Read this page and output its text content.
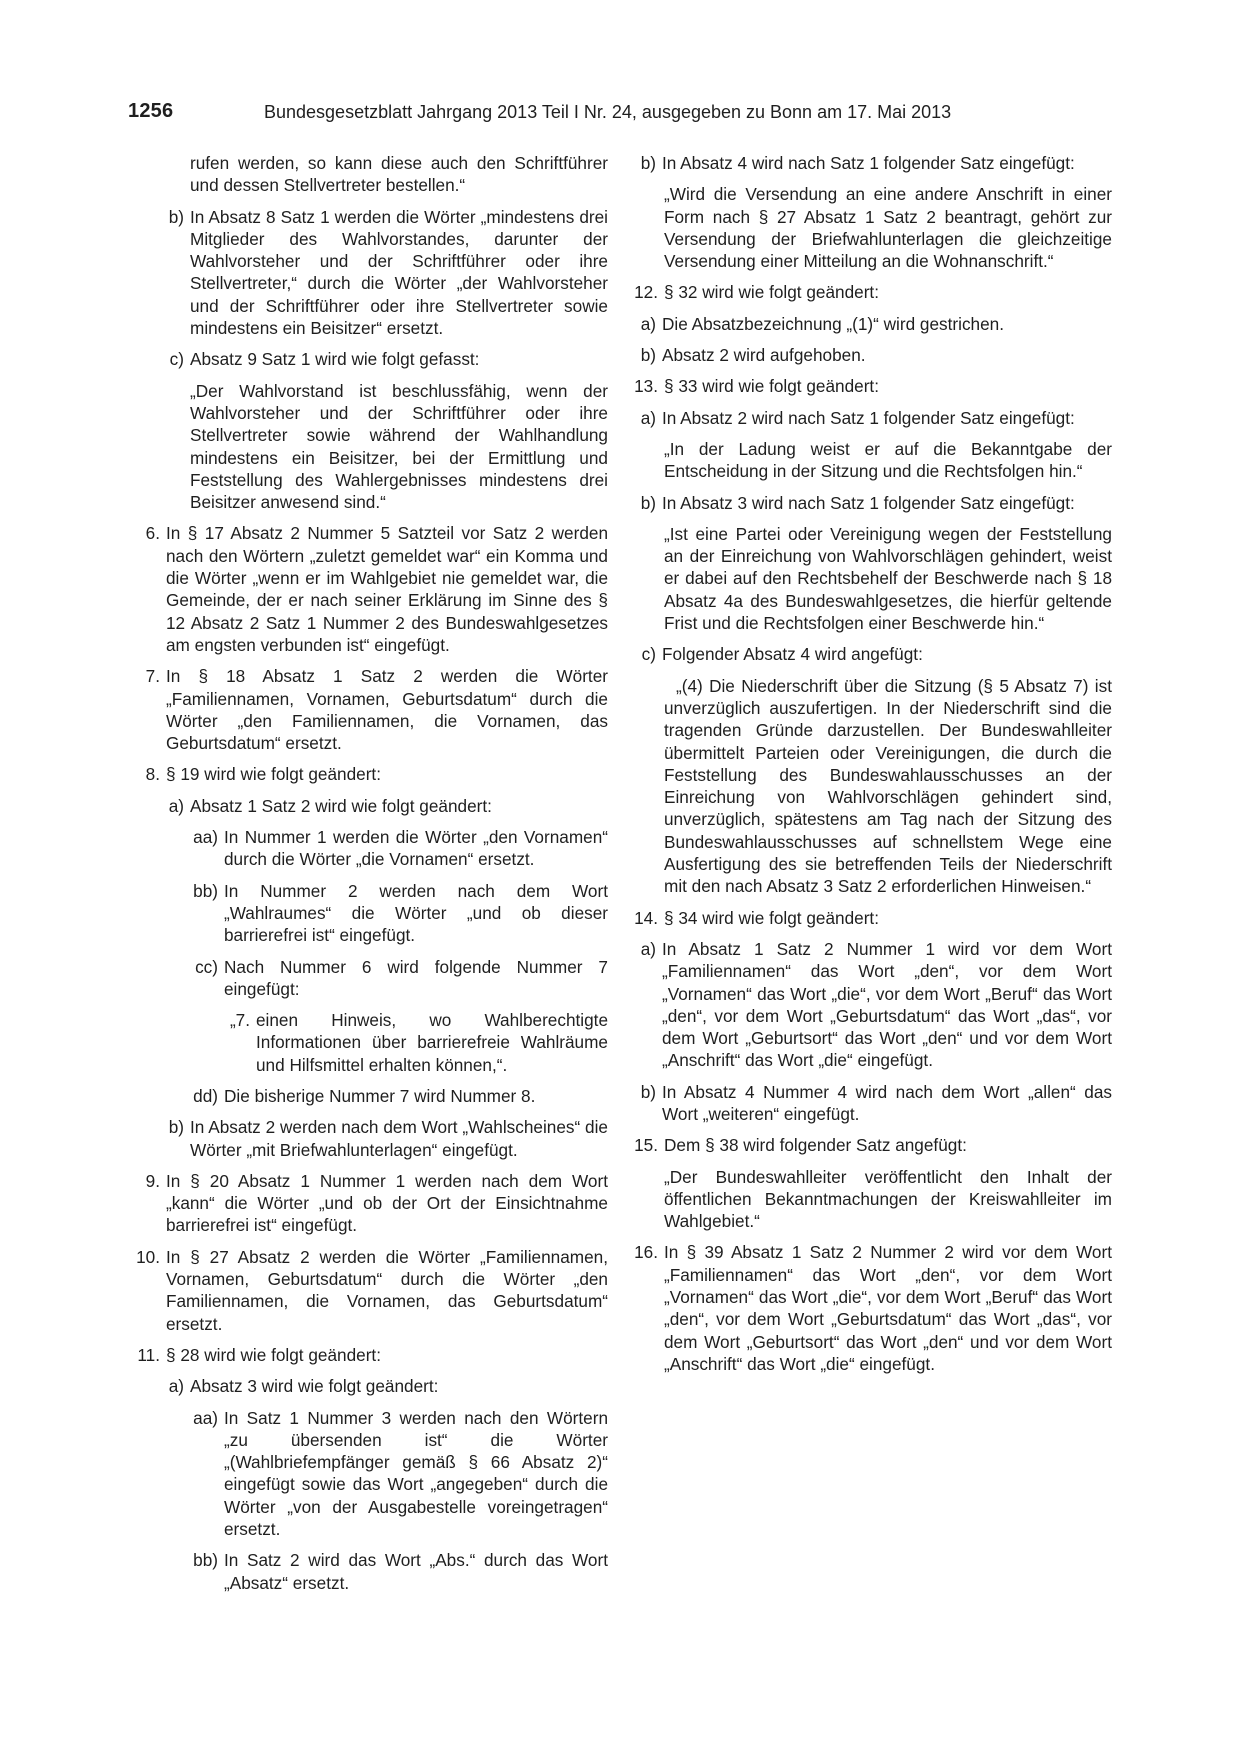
1256	Bundesgesetzblatt Jahrgang 2013 Teil I Nr. 24, ausgegeben zu Bonn am 17. Mai 2013

rufen werden, so kann diese auch den Schriftführer und dessen Stellvertreter bestellen.“

b) In Absatz 8 Satz 1 werden die Wörter „mindestens drei Mitglieder des Wahlvorstandes, darunter der Wahlvorsteher und der Schriftführer oder ihre Stellvertreter,“ durch die Wörter „der Wahlvorsteher und der Schriftführer oder ihre Stellvertreter sowie mindestens ein Beisitzer“ ersetzt.
c) Absatz 9 Satz 1 wird wie folgt gefasst:

„Der Wahlvorstand ist beschlussfähig, wenn der Wahlvorsteher und der Schriftführer oder ihre Stellvertreter sowie während der Wahlhandlung mindestens ein Beisitzer, bei der Ermittlung und Feststellung des Wahlergebnisses mindestens drei Beisitzer anwesend sind.“

6. In § 17 Absatz 2 Nummer 5 Satzteil vor Satz 2 werden nach den Wörtern „zuletzt gemeldet war“ ein Komma und die Wörter „wenn er im Wahlgebiet nie gemeldet war, die Gemeinde, der er nach seiner Erklärung im Sinne des § 12 Absatz 2 Satz 1 Nummer 2 des Bundeswahlgesetzes am engsten verbunden ist“ eingefügt.
7. In § 18 Absatz 1 Satz 2 werden die Wörter „Familiennamen, Vornamen, Geburtsdatum“ durch die Wörter „den Familiennamen, die Vornamen, das Geburtsdatum“ ersetzt.
8. § 19 wird wie folgt geändert:
a) Absatz 1 Satz 2 wird wie folgt geändert:
aa) In Nummer 1 werden die Wörter „den Vornamen“ durch die Wörter „die Vornamen“ ersetzt.
bb) In Nummer 2 werden nach dem Wort „Wahlraumes“ die Wörter „und ob dieser barrierefrei ist“ eingefügt.
cc) Nach Nummer 6 wird folgende Nummer 7 eingefügt:
„7. einen Hinweis, wo Wahlberechtigte Informationen über barrierefreie Wahlräume und Hilfsmittel erhalten können,“.
dd) Die bisherige Nummer 7 wird Nummer 8.
b) In Absatz 2 werden nach dem Wort „Wahlscheines“ die Wörter „mit Briefwahlunterlagen“ eingefügt.
9. In § 20 Absatz 1 Nummer 1 werden nach dem Wort „kann“ die Wörter „und ob der Ort der Einsichtnahme barrierefrei ist“ eingefügt.
10. In § 27 Absatz 2 werden die Wörter „Familiennamen, Vornamen, Geburtsdatum“ durch die Wörter „den Familiennamen, die Vornamen, das Geburtsdatum“ ersetzt.
11. § 28 wird wie folgt geändert:
a) Absatz 3 wird wie folgt geändert:
aa) In Satz 1 Nummer 3 werden nach den Wörtern „zu übersenden ist“ die Wörter „(Wahlbriefempfänger gemäß § 66 Absatz 2)“ eingefügt sowie das Wort „angegeben“ durch die Wörter „von der Ausgabestelle voreingetragen“ ersetzt.
bb) In Satz 2 wird das Wort „Abs.“ durch das Wort „Absatz“ ersetzt.
b) In Absatz 4 wird nach Satz 1 folgender Satz eingefügt:

„Wird die Versendung an eine andere Anschrift in einer Form nach § 27 Absatz 1 Satz 2 beantragt, gehört zur Versendung der Briefwahlunterlagen die gleichzeitige Versendung einer Mitteilung an die Wohnanschrift.“

12. § 32 wird wie folgt geändert:
a) Die Absatzbezeichnung „(1)“ wird gestrichen.
b) Absatz 2 wird aufgehoben.
13. § 33 wird wie folgt geändert:
a) In Absatz 2 wird nach Satz 1 folgender Satz eingefügt:

„In der Ladung weist er auf die Bekanntgabe der Entscheidung in der Sitzung und die Rechtsfolgen hin.“

b) In Absatz 3 wird nach Satz 1 folgender Satz eingefügt:

„Ist eine Partei oder Vereinigung wegen der Feststellung an der Einreichung von Wahlvorschlägen gehindert, weist er dabei auf den Rechtsbehelf der Beschwerde nach § 18 Absatz 4a des Bundeswahlgesetzes, die hierfür geltende Frist und die Rechtsfolgen einer Beschwerde hin.“

c) Folgender Absatz 4 wird angefügt:

„(4) Die Niederschrift über die Sitzung (§ 5 Absatz 7) ist unverzüglich auszufertigen. In der Niederschrift sind die tragenden Gründe darzustellen. Der Bundeswahlleiter übermittelt Parteien oder Vereinigungen, die durch die Feststellung des Bundeswahlausschusses an der Einreichung von Wahlvorschlägen gehindert sind, unverzüglich, spätestens am Tag nach der Sitzung des Bundeswahlausschusses auf schnellstem Wege eine Ausfertigung des sie betreffenden Teils der Niederschrift mit den nach Absatz 3 Satz 2 erforderlichen Hinweisen.“

14. § 34 wird wie folgt geändert:
a) In Absatz 1 Satz 2 Nummer 1 wird vor dem Wort „Familiennamen“ das Wort „den“, vor dem Wort „Vornamen“ das Wort „die“, vor dem Wort „Beruf“ das Wort „den“, vor dem Wort „Geburtsdatum“ das Wort „das“, vor dem Wort „Geburtsort“ das Wort „den“ und vor dem Wort „Anschrift“ das Wort „die“ eingefügt.
b) In Absatz 4 Nummer 4 wird nach dem Wort „allen“ das Wort „weiteren“ eingefügt.
15. Dem § 38 wird folgender Satz angefügt:

„Der Bundeswahlleiter veröffentlicht den Inhalt der öffentlichen Bekanntmachungen der Kreiswahlleiter im Wahlgebiet.“

16. In § 39 Absatz 1 Satz 2 Nummer 2 wird vor dem Wort „Familiennamen“ das Wort „den“, vor dem Wort „Vornamen“ das Wort „die“, vor dem Wort „Beruf“ das Wort „den“, vor dem Wort „Geburtsdatum“ das Wort „das“, vor dem Wort „Geburtsort“ das Wort „den“ und vor dem Wort „Anschrift“ das Wort „die“ eingefügt.
